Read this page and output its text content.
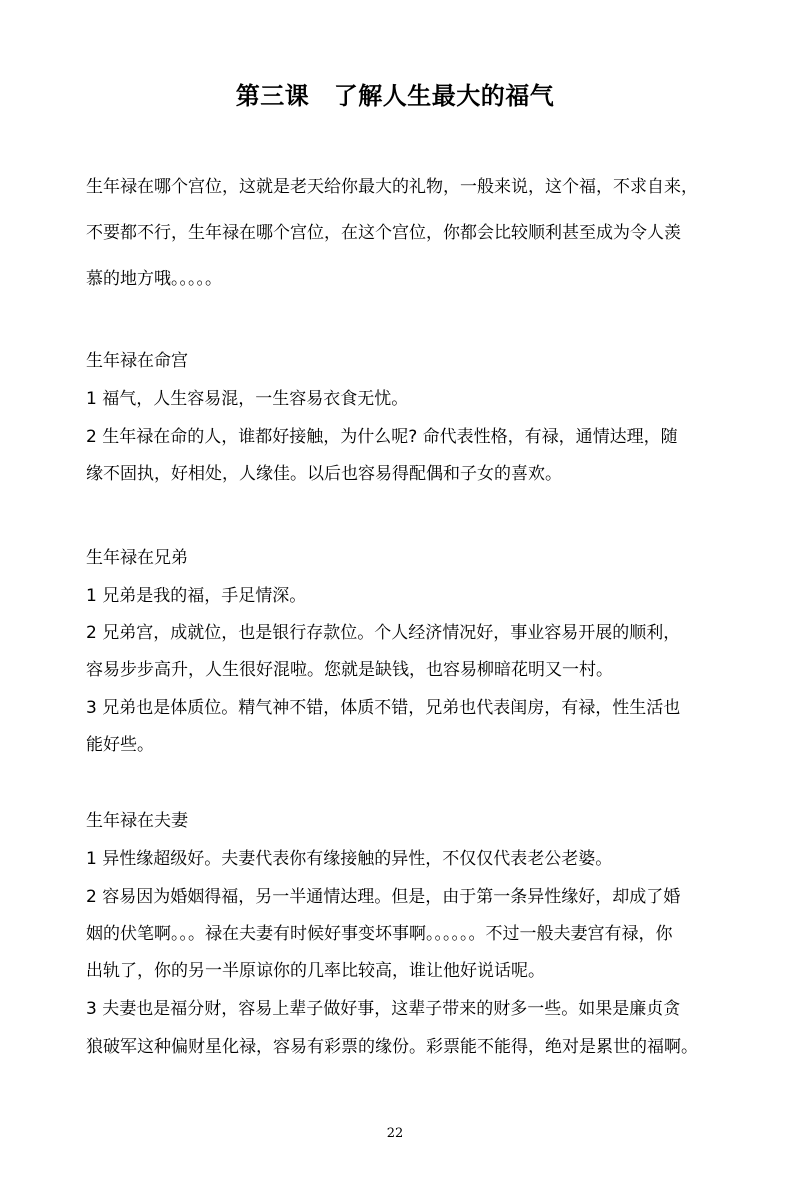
第三课　了解人生最大的福气
生年禄在哪个宫位，这就是老天给你最大的礼物，一般来说，这个福，不求自来，
不要都不行，生年禄在哪个宫位，在这个宫位，你都会比较顺利甚至成为令人羡
慕的地方哦。。。。。
生年禄在命宫
1 福气，人生容易混，一生容易衣食无忧。
2 生年禄在命的人，谁都好接触，为什么呢? 命代表性格，有禄，通情达理，随
缘不固执，好相处，人缘佳。以后也容易得配偶和子女的喜欢。
生年禄在兄弟
1 兄弟是我的福，手足情深。
2 兄弟宫，成就位，也是银行存款位。个人经济情况好，事业容易开展的顺利，
容易步步高升，人生很好混啦。您就是缺钱，也容易柳暗花明又一村。
3 兄弟也是体质位。精气神不错，体质不错，兄弟也代表闺房，有禄，性生活也
能好些。
生年禄在夫妻
1 异性缘超级好。夫妻代表你有缘接触的异性，不仅仅代表老公老婆。
2 容易因为婚姻得福，另一半通情达理。但是，由于第一条异性缘好，却成了婚
姻的伏笔啊。。。禄在夫妻有时候好事变坏事啊。。。。。。不过一般夫妻宫有禄，你
出轨了，你的另一半原谅你的几率比较高，谁让他好说话呢。
3 夫妻也是福分财，容易上辈子做好事，这辈子带来的财多一些。如果是廉贞贪
狼破军这种偏财星化禄，容易有彩票的缘份。彩票能不能得，绝对是累世的福啊。
22
